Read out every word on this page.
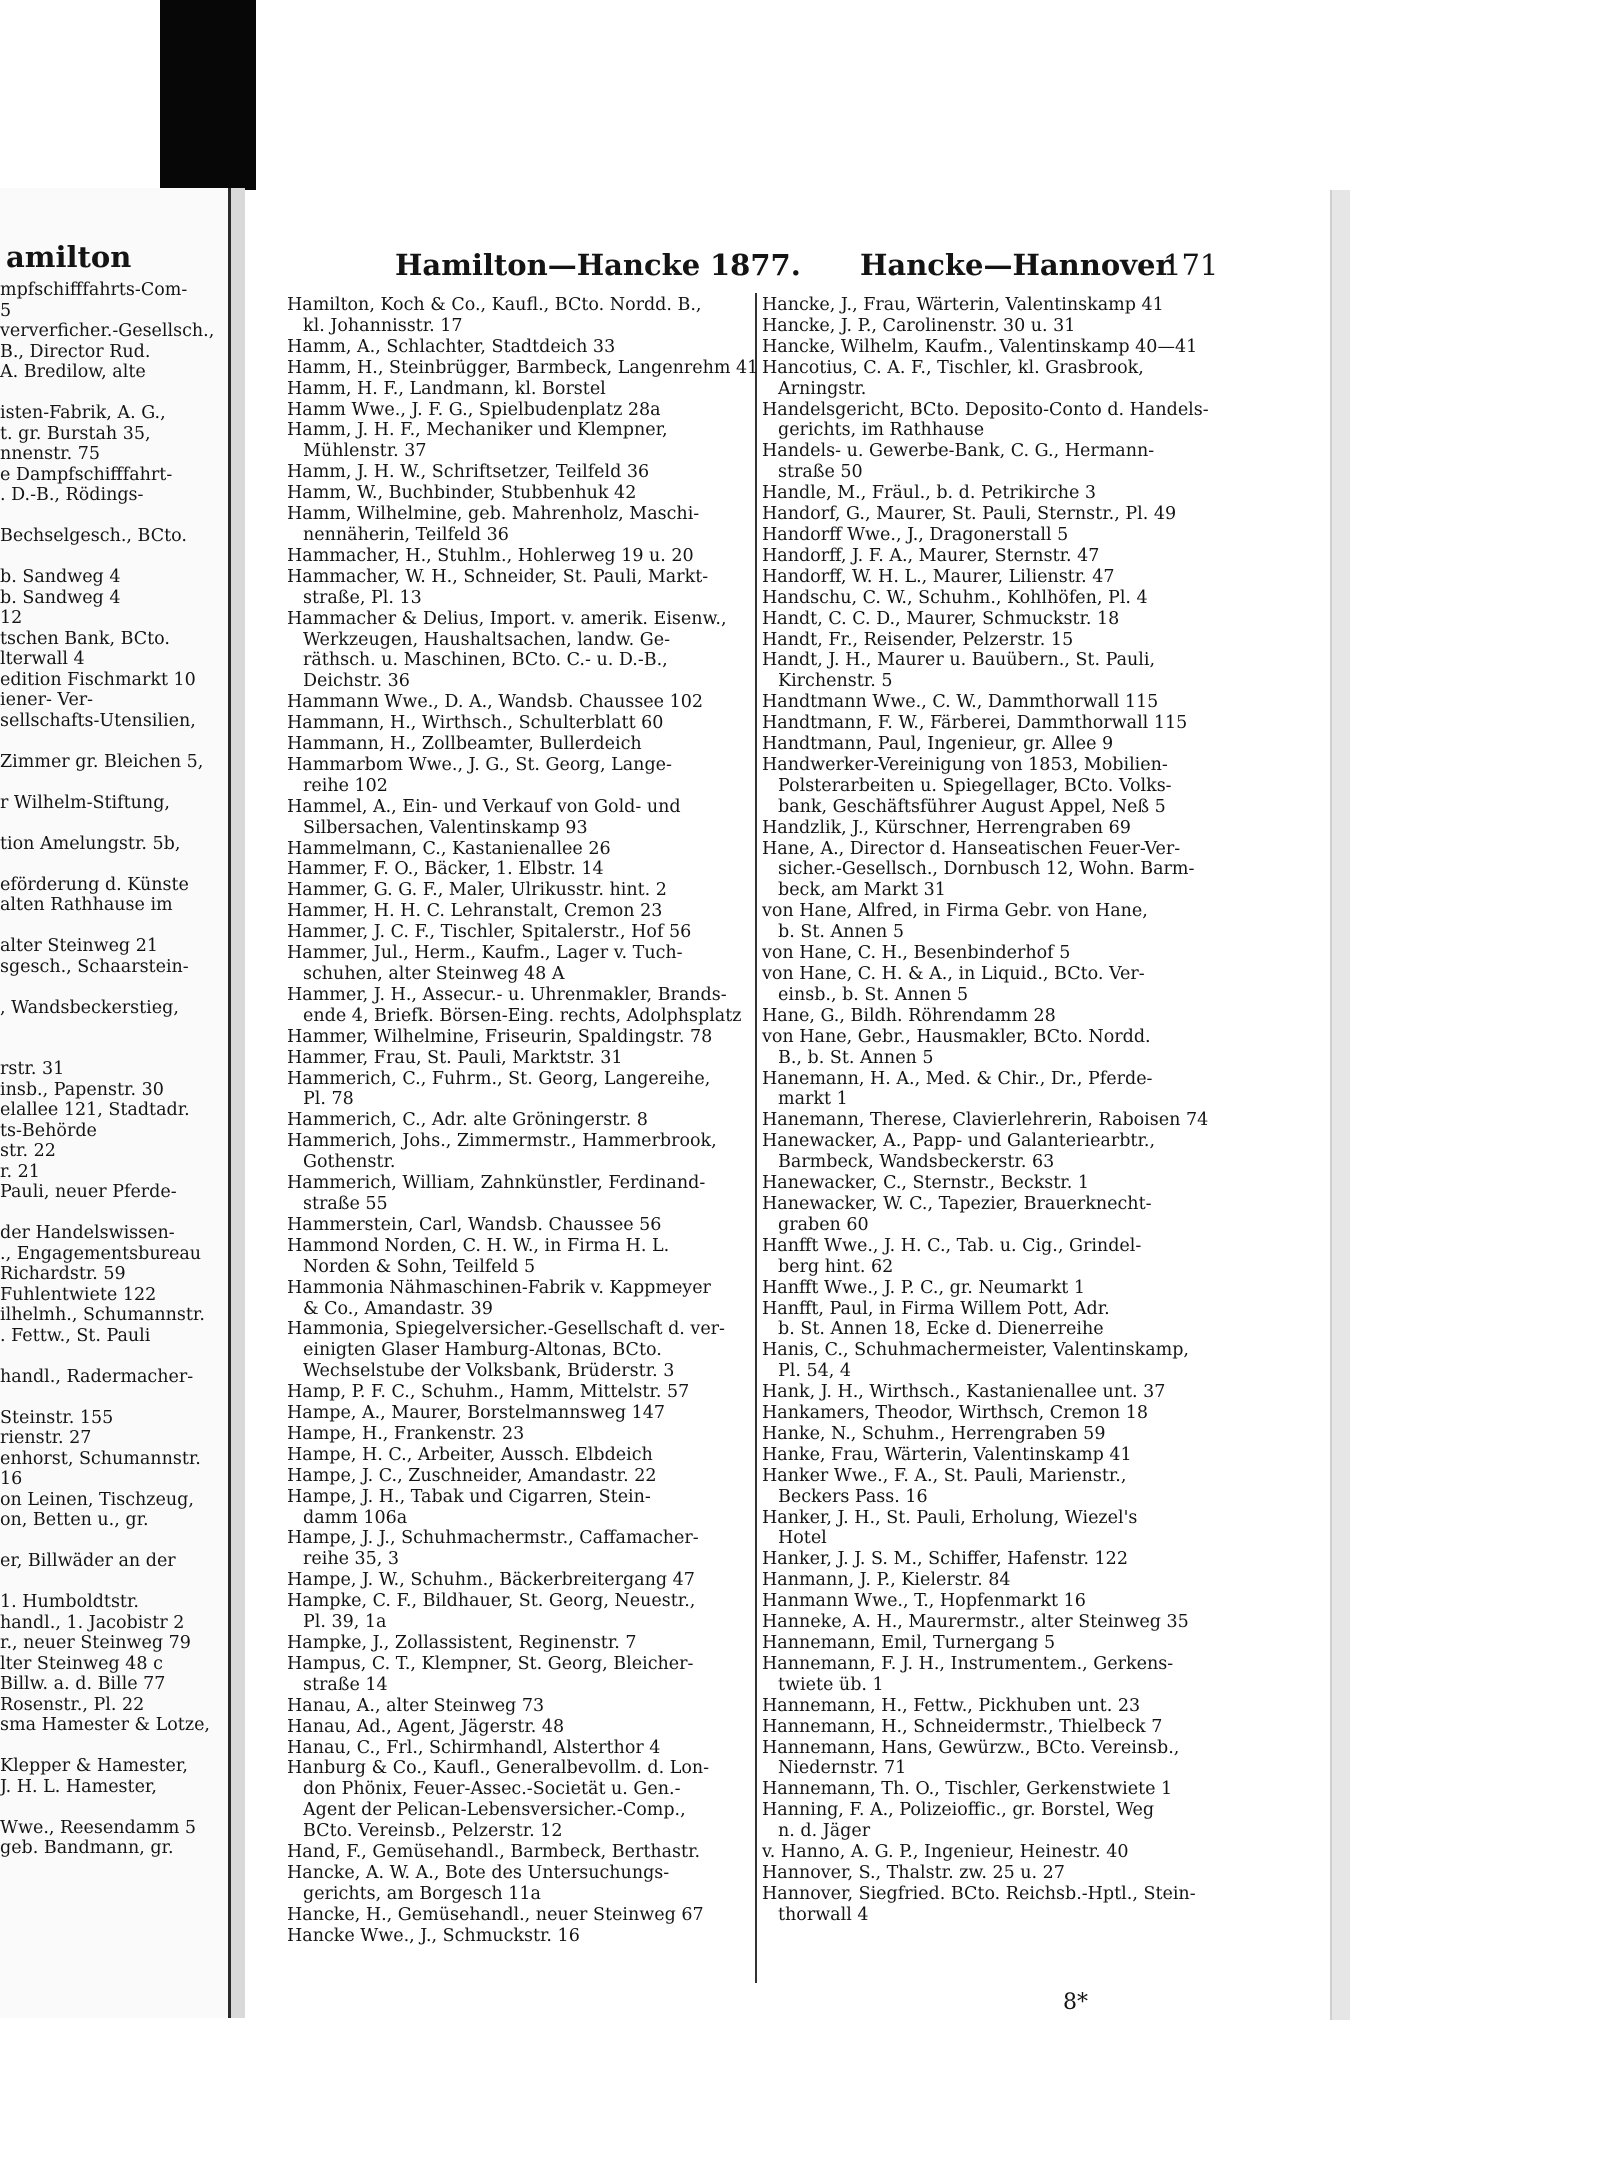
amilton
mpfschifffahrts-Com-
5
ververficher.-Gesellsch.,
B., Director Rud.
A. Bredilow, alte
isten-Fabrik, A. G.,
t. gr. Burstah 35,
nnenstr. 75
e Dampfschifffahrt-
. D.-B., Rödings-
Bechselgesch., BCto.
b. Sandweg 4
b. Sandweg 4
12
tschen Bank, BCto.
lterwall 4
edition Fischmarkt 10
iener- Ver-
sellschafts-Utensilien,
Zimmer gr. Bleichen 5,
r Wilhelm-Stiftung,
tion Amelungstr. 5b,
eförderung d. Künste
alten Rathhause im
alter Steinweg 21
sgesch., Schaarstein-
, Wandsbeckerstieg,
rstr. 31
insb., Papenstr. 30
elallee 121, Stadtadr.
ts-Behörde
str. 22
r. 21
Pauli, neuer Pferde-
der Handelswissen-
., Engagementsbureau
Richardstr. 59
Fuhlentwiete 122
ilhelmh., Schumannstr.
. Fettw., St. Pauli
handl., Radermacher-
Steinstr. 155
rienstr. 27
enhorst, Schumannstr.
16
on Leinen, Tischzeug,
on, Betten u., gr.
er, Billwäder an der
1. Humboldtstr.
handl., 1. Jacobistr 2
r., neuer Steinweg 79
lter Steinweg 48 c
Billw. a. d. Bille 77
Rosenstr., Pl. 22
sma Hamester & Lotze,
Klepper & Hamester,
J. H. L. Hamester,
Wwe., Reesendamm 5
geb. Bandmann, gr.
Hamilton—Hancke 1877. Hancke—Hannover
171
Hamilton, Koch & Co., Kaufl., BCto. Nordd. B.,
kl. Johannisstr. 17
Hamm, A., Schlachter, Stadtdeich 33
Hamm, H., Steinbrügger, Barmbeck, Langenrehm 41
Hamm, H. F., Landmann, kl. Borstel
Hamm Wwe., J. F. G., Spielbudenplatz 28a
Hamm, J. H. F., Mechaniker und Klempner,
Mühlenstr. 37
Hamm, J. H. W., Schriftsetzer, Teilfeld 36
Hamm, W., Buchbinder, Stubbenhuk 42
Hamm, Wilhelmine, geb. Mahrenholz, Maschi-
nennäherin, Teilfeld 36
Hammacher, H., Stuhlm., Hohlerweg 19 u. 20
Hammacher, W. H., Schneider, St. Pauli, Markt-
straße, Pl. 13
Hammacher & Delius, Import. v. amerik. Eisenw.,
Werkzeugen, Haushaltsachen, landw. Ge-
räthsch. u. Maschinen, BCto. C.- u. D.-B.,
Deichstr. 36
Hammann Wwe., D. A., Wandsb. Chaussee 102
Hammann, H., Wirthsch., Schulterblatt 60
Hammann, H., Zollbeamter, Bullerdeich
Hammarbom Wwe., J. G., St. Georg, Lange-
reihe 102
Hammel, A., Ein- und Verkauf von Gold- und
Silbersachen, Valentinskamp 93
Hammelmann, C., Kastanienallee 26
Hammer, F. O., Bäcker, 1. Elbstr. 14
Hammer, G. G. F., Maler, Ulrikusstr. hint. 2
Hammer, H. H. C. Lehranstalt, Cremon 23
Hammer, J. C. F., Tischler, Spitalerstr., Hof 56
Hammer, Jul., Herm., Kaufm., Lager v. Tuch-
schuhen, alter Steinweg 48 A
Hammer, J. H., Assecur.- u. Uhrenmakler, Brands-
ende 4, Briefk. Börsen-Eing. rechts, Adolphsplatz
Hammer, Wilhelmine, Friseurin, Spaldingstr. 78
Hammer, Frau, St. Pauli, Marktstr. 31
Hammerich, C., Fuhrm., St. Georg, Langereihe,
Pl. 78
Hammerich, C., Adr. alte Gröningerstr. 8
Hammerich, Johs., Zimmermstr., Hammerbrook,
Gothenstr.
Hammerich, William, Zahnkünstler, Ferdinand-
straße 55
Hammerstein, Carl, Wandsb. Chaussee 56
Hammond Norden, C. H. W., in Firma H. L.
Norden & Sohn, Teilfeld 5
Hammonia Nähmaschinen-Fabrik v. Kappmeyer
& Co., Amandastr. 39
Hammonia, Spiegelversicher.-Gesellschaft d. ver-
einigten Glaser Hamburg-Altonas, BCto.
Wechselstube der Volksbank, Brüderstr. 3
Hamp, P. F. C., Schuhm., Hamm, Mittelstr. 57
Hampe, A., Maurer, Borstelmannsweg 147
Hampe, H., Frankenstr. 23
Hampe, H. C., Arbeiter, Aussch. Elbdeich
Hampe, J. C., Zuschneider, Amandastr. 22
Hampe, J. H., Tabak und Cigarren, Stein-
damm 106a
Hampe, J. J., Schuhmachermstr., Caffamacher-
reihe 35, 3
Hampe, J. W., Schuhm., Bäckerbreitergang 47
Hampke, C. F., Bildhauer, St. Georg, Neuestr.,
Pl. 39, 1a
Hampke, J., Zollassistent, Reginenstr. 7
Hampus, C. T., Klempner, St. Georg, Bleicher-
straße 14
Hanau, A., alter Steinweg 73
Hanau, Ad., Agent, Jägerstr. 48
Hanau, C., Frl., Schirmhandl, Alsterthor 4
Hanburg & Co., Kaufl., Generalbevollm. d. Lon-
don Phönix, Feuer-Assec.-Societät u. Gen.-
Agent der Pelican-Lebensversicher.-Comp.,
BCto. Vereinsb., Pelzerstr. 12
Hand, F., Gemüsehandl., Barmbeck, Berthastr.
Hancke, A. W. A., Bote des Untersuchungs-
gerichts, am Borgesch 11a
Hancke, H., Gemüsehandl., neuer Steinweg 67
Hancke Wwe., J., Schmuckstr. 16
Hancke, J., Frau, Wärterin, Valentinskamp 41
Hancke, J. P., Carolinenstr. 30 u. 31
Hancke, Wilhelm, Kaufm., Valentinskamp 40—41
Hancotius, C. A. F., Tischler, kl. Grasbrook,
Arningstr.
Handelsgericht, BCto. Deposito-Conto d. Handels-
gerichts, im Rathhause
Handels- u. Gewerbe-Bank, C. G., Hermann-
straße 50
Handle, M., Fräul., b. d. Petrikirche 3
Handorf, G., Maurer, St. Pauli, Sternstr., Pl. 49
Handorff Wwe., J., Dragonerstall 5
Handorff, J. F. A., Maurer, Sternstr. 47
Handorff, W. H. L., Maurer, Lilienstr. 47
Handschu, C. W., Schuhm., Kohlhöfen, Pl. 4
Handt, C. C. D., Maurer, Schmuckstr. 18
Handt, Fr., Reisender, Pelzerstr. 15
Handt, J. H., Maurer u. Bauübern., St. Pauli,
Kirchenstr. 5
Handtmann Wwe., C. W., Dammthorwall 115
Handtmann, F. W., Färberei, Dammthorwall 115
Handtmann, Paul, Ingenieur, gr. Allee 9
Handwerker-Vereinigung von 1853, Mobilien-
Polsterarbeiten u. Spiegellager, BCto. Volks-
bank, Geschäftsführer August Appel, Neß 5
Handzlik, J., Kürschner, Herrengraben 69
Hane, A., Director d. Hanseatischen Feuer-Ver-
sicher.-Gesellsch., Dornbusch 12, Wohn. Barm-
beck, am Markt 31
von Hane, Alfred, in Firma Gebr. von Hane,
b. St. Annen 5
von Hane, C. H., Besenbinderhof 5
von Hane, C. H. & A., in Liquid., BCto. Ver-
einsb., b. St. Annen 5
Hane, G., Bildh. Röhrendamm 28
von Hane, Gebr., Hausmakler, BCto. Nordd.
B., b. St. Annen 5
Hanemann, H. A., Med. & Chir., Dr., Pferde-
markt 1
Hanemann, Therese, Clavierlehrerin, Raboisen 74
Hanewacker, A., Papp- und Galanteriearbtr.,
Barmbeck, Wandsbeckerstr. 63
Hanewacker, C., Sternstr., Beckstr. 1
Hanewacker, W. C., Tapezier, Brauerknecht-
graben 60
Hanfft Wwe., J. H. C., Tab. u. Cig., Grindel-
berg hint. 62
Hanfft Wwe., J. P. C., gr. Neumarkt 1
Hanfft, Paul, in Firma Willem Pott, Adr.
b. St. Annen 18, Ecke d. Dienerreihe
Hanis, C., Schuhmachermeister, Valentinskamp,
Pl. 54, 4
Hank, J. H., Wirthsch., Kastanienallee unt. 37
Hankamers, Theodor, Wirthsch, Cremon 18
Hanke, N., Schuhm., Herrengraben 59
Hanke, Frau, Wärterin, Valentinskamp 41
Hanker Wwe., F. A., St. Pauli, Marienstr.,
Beckers Pass. 16
Hanker, J. H., St. Pauli, Erholung, Wiezel's
Hotel
Hanker, J. J. S. M., Schiffer, Hafenstr. 122
Hanmann, J. P., Kielerstr. 84
Hanmann Wwe., T., Hopfenmarkt 16
Hanneke, A. H., Maurermstr., alter Steinweg 35
Hannemann, Emil, Turnergang 5
Hannemann, F. J. H., Instrumentem., Gerkens-
twiete üb. 1
Hannemann, H., Fettw., Pickhuben unt. 23
Hannemann, H., Schneidermstr., Thielbeck 7
Hannemann, Hans, Gewürzw., BCto. Vereinsb.,
Niedernstr. 71
Hannemann, Th. O., Tischler, Gerkenstwiete 1
Hanning, F. A., Polizeioffic., gr. Borstel, Weg
n. d. Jäger
v. Hanno, A. G. P., Ingenieur, Heinestr. 40
Hannover, S., Thalstr. zw. 25 u. 27
Hannover, Siegfried. BCto. Reichsb.-Hptl., Stein-
thorwall 4
8*
